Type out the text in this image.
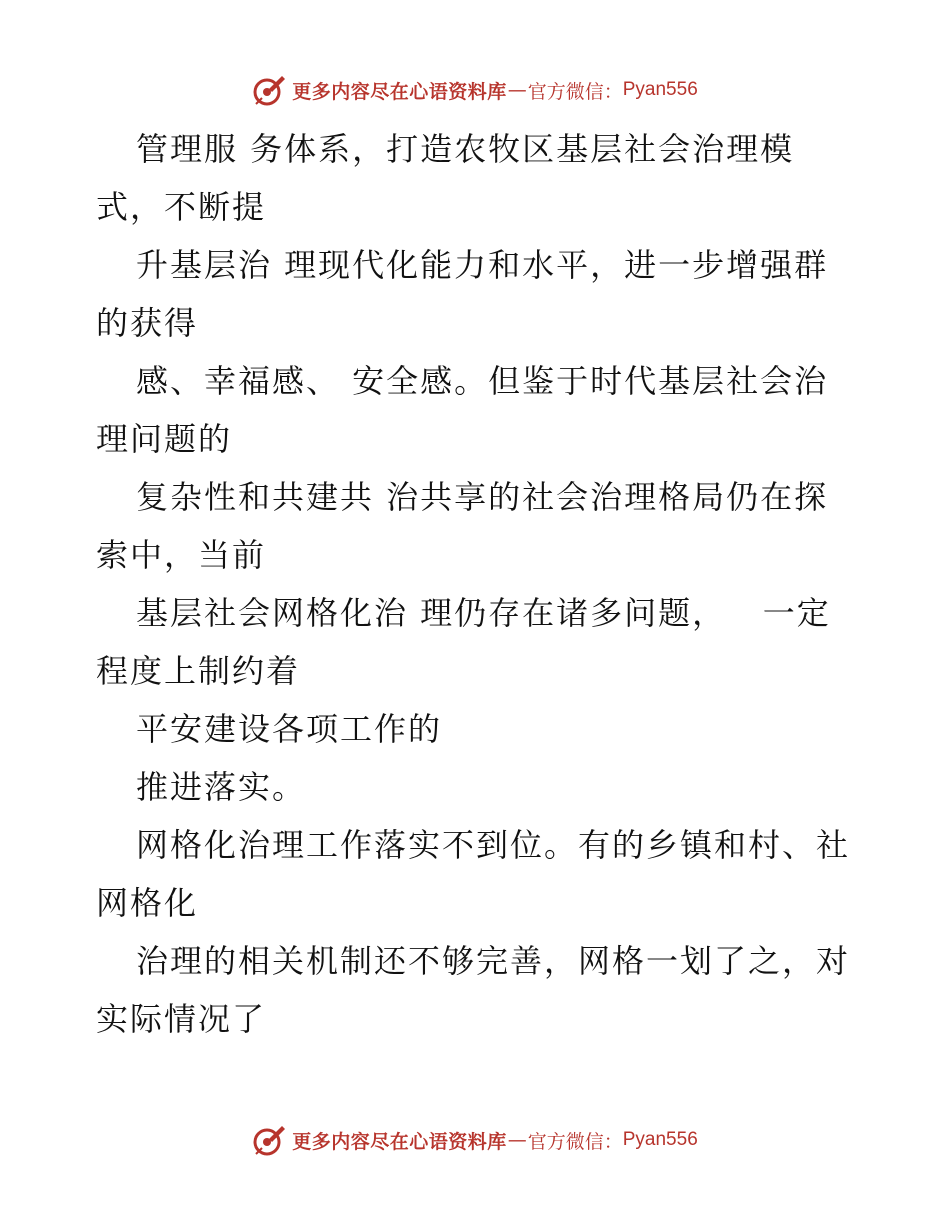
更多内容尽在心语资料库 — 官方微信： Pyan556
管理服 务体系，打造农牧区基层社会治理模
式，不断提
升基层治 理现代化能力和水平，进一步增强群
的获得
感、幸福感、 安全感。但鉴于时代基层社会治
理问题的
复杂性和共建共 治共享的社会治理格局仍在探
索中，当前
基层社会网格化治 理仍存在诸多问题，   一定
程度上制约着
平安建设各项工作的
推进落实。
网格化治理工作落实不到位。有的乡镇和村、社
网格化
治理的相关机制还不够完善，网格一划了之，对
实际情况了
更多内容尽在心语资料库 — 官方微信： Pyan556
